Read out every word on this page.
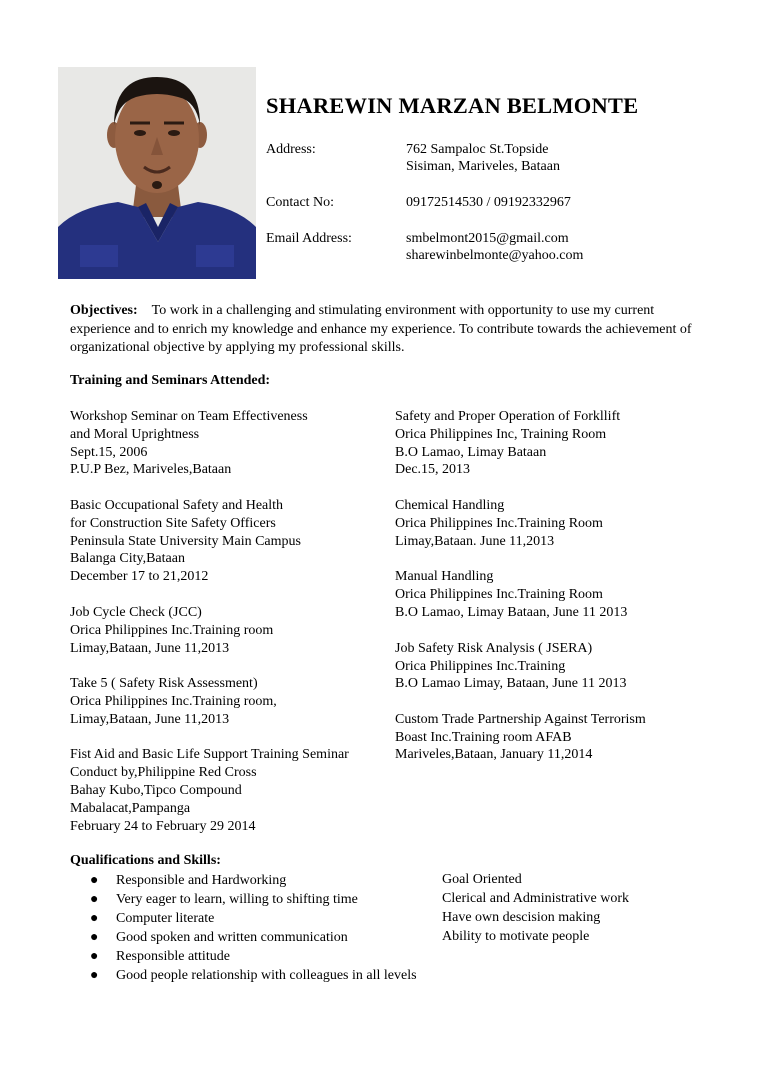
SHAREWIN MARZAN BELMONTE
Address:	762 Sampaloc St.Topside
Sisiman, Mariveles, Bataan
Contact No:	09172514530 / 09192332967
Email Address:	smbelmont2015@gmail.com
sharewinbelmonte@yahoo.com
Objectives: To work in a challenging and stimulating environment with opportunity to use my current experience and to enrich my knowledge and enhance my experience. To contribute towards the achievement of organizational objective by applying my professional skills.
Training and Seminars Attended:
Workshop Seminar on Team Effectiveness
and Moral Uprightness
Sept.15, 2006
P.U.P Bez, Mariveles,Bataan
Basic Occupational Safety and Health
for Construction Site Safety Officers
Peninsula State University Main Campus
Balanga City,Bataan
December 17 to 21,2012
Job Cycle Check (JCC)
Orica Philippines Inc.Training room
Limay,Bataan, June 11,2013
Take 5 ( Safety Risk Assessment)
Orica Philippines Inc.Training room,
Limay,Bataan, June 11,2013
Fist Aid and Basic Life Support Training Seminar
Conduct by,Philippine Red Cross
Bahay Kubo,Tipco Compound
Mabalacat,Pampanga
February 24 to February 29 2014
Safety and Proper Operation of Forkllift
Orica Philippines Inc, Training Room
B.O Lamao, Limay Bataan
Dec.15, 2013
Chemical Handling
Orica Philippines Inc.Training Room
Limay,Bataan. June 11,2013
Manual Handling
Orica Philippines Inc.Training Room
B.O Lamao, Limay Bataan, June 11 2013
Job Safety Risk Analysis ( JSERA)
Orica Philippines Inc.Training
B.O Lamao Limay, Bataan, June 11 2013
Custom Trade Partnership Against Terrorism
Boast Inc.Training room AFAB
Mariveles,Bataan, January 11,2014
Qualifications and Skills:
● Responsible and Hardworking
● Very eager to learn, willing to shifting time
● Computer literate
● Good spoken and written communication
● Responsible attitude
● Good people relationship with colleagues in all levels
Goal Oriented
Clerical and Administrative work
Have own descision making
Ability to motivate people
